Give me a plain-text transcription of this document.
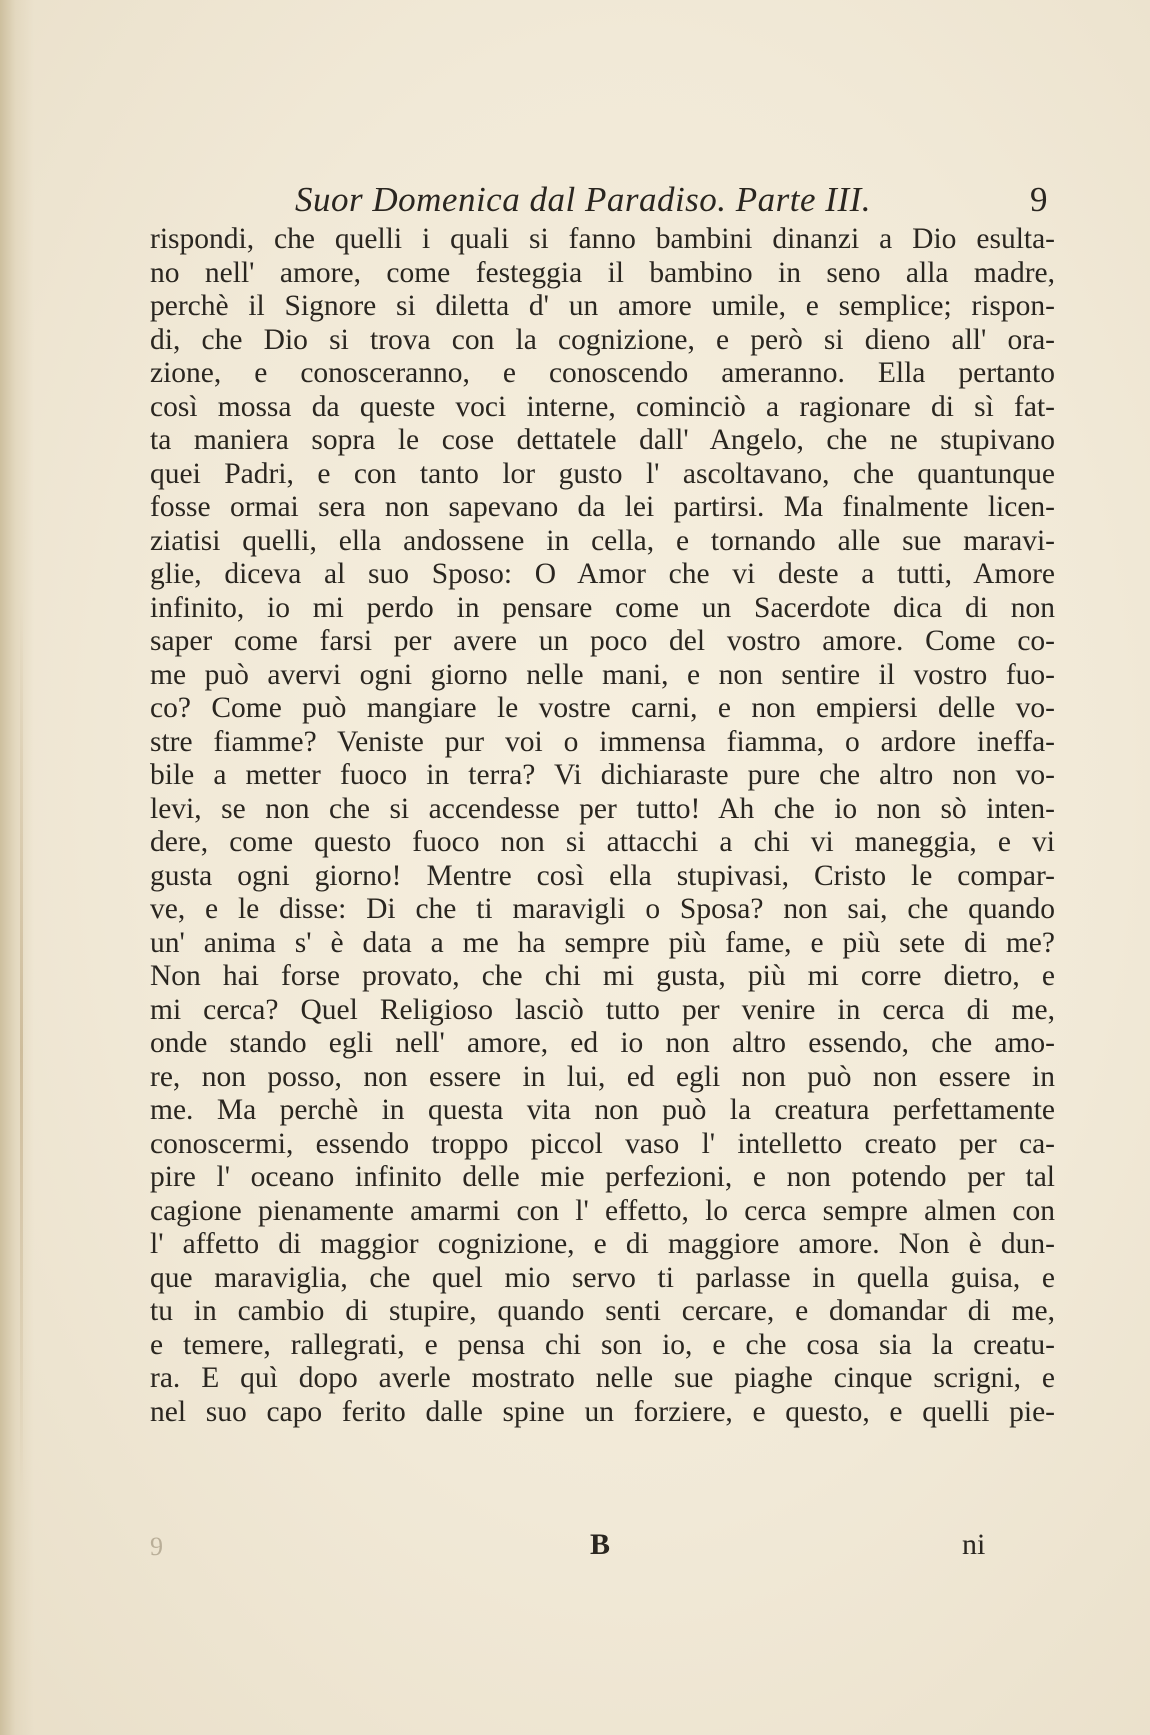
Suor Domenica dal Paradiso. Parte III.	9
rispondi, che quelli i quali si fanno bambini dinanzi a Dio esulta-
no nell' amore, come festeggia il bambino in seno alla madre,
perchè il Signore si diletta d' un amore umile, e semplice; rispon-
di, che Dio si trova con la cognizione, e però si dieno all' ora-
zione, e conosceranno, e conoscendo ameranno. Ella pertanto
così mossa da queste voci interne, cominciò a ragionare di sì fat-
ta maniera sopra le cose dettatele dall' Angelo, che ne stupivano
quei Padri, e con tanto lor gusto l' ascoltavano, che quantunque
fosse ormai sera non sapevano da lei partirsi. Ma finalmente licen-
ziatisi quelli, ella andossene in cella, e tornando alle sue maravi-
glie, diceva al suo Sposo: O Amor che vi deste a tutti, Amore
infinito, io mi perdo in pensare come un Sacerdote dica di non
saper come farsi per avere un poco del vostro amore. Come co-
me può avervi ogni giorno nelle mani, e non sentire il vostro fuo-
co? Come può mangiare le vostre carni, e non empiersi delle vo-
stre fiamme? Veniste pur voi o immensa fiamma, o ardore ineffa-
bile a metter fuoco in terra? Vi dichiaraste pure che altro non vo-
levi, se non che si accendesse per tutto! Ah che io non sò inten-
dere, come questo fuoco non si attacchi a chi vi maneggia, e vi
gusta ogni giorno! Mentre così ella stupivasi, Cristo le compar-
ve, e le disse: Di che ti maravigli o Sposa? non sai, che quando
un' anima s' è data a me ha sempre più fame, e più sete di me?
Non hai forse provato, che chi mi gusta, più mi corre dietro, e
mi cerca? Quel Religioso lasciò tutto per venire in cerca di me,
onde stando egli nell' amore, ed io non altro essendo, che amo-
re, non posso, non essere in lui, ed egli non può non essere in
me. Ma perchè in questa vita non può la creatura perfettamente
conoscermi, essendo troppo piccol vaso l' intelletto creato per ca-
pire l' oceano infinito delle mie perfezioni, e non potendo per tal
cagione pienamente amarmi con l' effetto, lo cerca sempre almen con
l' affetto di maggior cognizione, e di maggiore amore. Non è dun-
que maraviglia, che quel mio servo ti parlasse in quella guisa, e
tu in cambio di stupire, quando senti cercare, e domandar di me,
e temere, rallegrati, e pensa chi son io, e che cosa sia la creatu-
ra. E quì dopo averle mostrato nelle sue piaghe cinque scrigni, e
nel suo capo ferito dalle spine un forziere, e questo, e quelli pie-
9	B	ni
